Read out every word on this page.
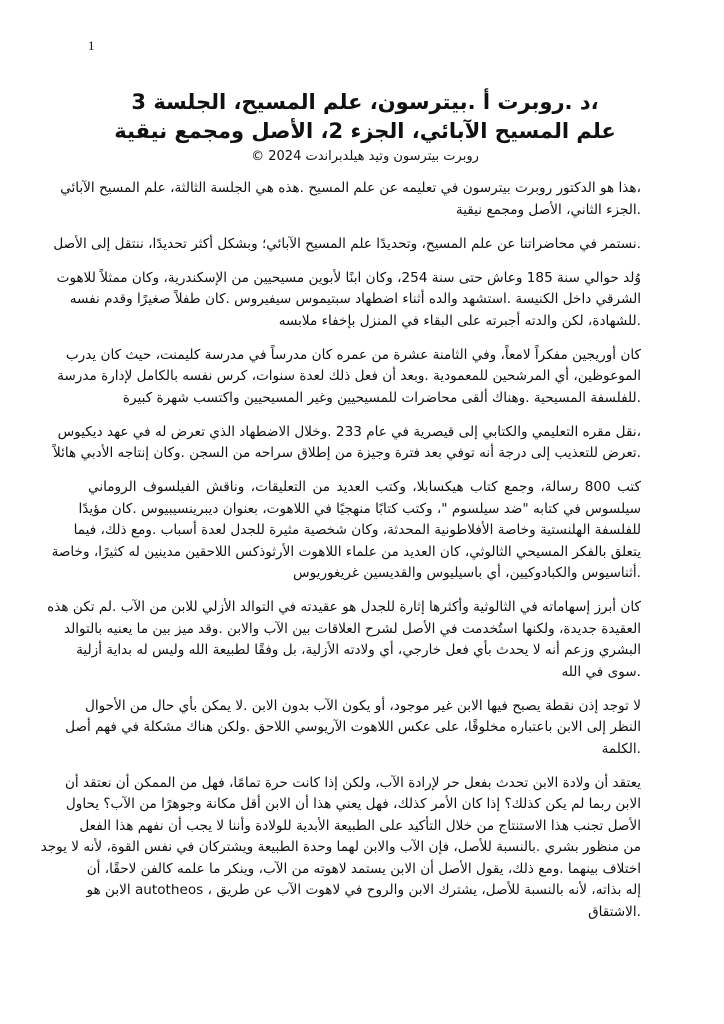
1
،د .روبرت أ .بيترسون، علم المسيح، الجلسة 3
علم المسيح الآبائي، الجزء 2، الأصل ومجمع نيقية
روبرت بيترسون وتيد هيلدبراندت 2024 ©
،هذا هو الدكتور روبرت بيترسون في تعليمه عن علم المسيح .هذه هي الجلسة الثالثة، علم المسيح الآبائي
.الجزء الثاني، الأصل ومجمع نيقية
.نستمر في محاضراتنا عن علم المسيح، وتحديدًا علم المسيح الآبائي؛ وبشكل أكثر تحديدًا، ننتقل إلى الأصل
وُلد حوالي سنة 185 وعاش حتى سنة 254، وكان ابنًا لأبوين مسيحيين من الإسكندرية، وكان ممثلاً للاهوت
الشرقي داخل الكنيسة .استشهد والده أثناء اضطهاد سبتيموس سيفيروس .كان طفلاً صغيرًا وقدم نفسه
.للشهادة، لكن والدته أجبرته على البقاء في المنزل بإخفاء ملابسه
كان أوريجين مفكراً لامعاً، وفي الثامنة عشرة من عمره كان مدرساً في مدرسة كليمنت، حيث كان يدرب
الموعوظين، أي المرشحين للمعمودية .وبعد أن فعل ذلك لعدة سنوات، كرس نفسه بالكامل لإدارة مدرسة
.للفلسفة المسيحية .وهناك ألقى محاضرات للمسيحيين وغير المسيحيين واكتسب شهرة كبيرة
،نقل مقره التعليمي والكتابي إلى قيصرية في عام 233 .وخلال الاضطهاد الذي تعرض له في عهد ديكيوس
.تعرض للتعذيب إلى درجة أنه توفي بعد فترة وجيزة من إطلاق سراحه من السجن .وكان إنتاجه الأدبي هائلاً
كتب 800 رسالة، وجمع كتاب هيكسابلا، وكتب العديد من التعليقات، وناقش الفيلسوف الروماني
سيلسوس في كتابه "ضد سيلسوم "، وكتب كتابًا منهجيًا في اللاهوت، بعنوان ديبرينسيبيوس .كان مؤيدًا
للفلسفة الهلنستية وخاصة الأفلاطونية المحدثة، وكان شخصية مثيرة للجدل لعدة أسباب .ومع ذلك، فيما
يتعلق بالفكر المسيحي الثالوثي، كان العديد من علماء اللاهوت الأرثوذكس اللاحقين مدينين له كثيرًا، وخاصة
.أثناسيوس والكبادوكيين، أي باسيليوس والقديسين غريغوريوس
كان أبرز إسهاماته في الثالوثية وأكثرها إثارة للجدل هو عقيدته في التوالد الأزلي للابن من الآب .لم تكن هذه
العقيدة جديدة، ولكنها استُخدمت في الأصل لشرح العلاقات بين الآب والابن .وقد ميز بين ما يعنيه بالتوالد
البشري وزعم أنه لا يحدث بأي فعل خارجي، أي ولادته الأزلية، بل وفقًا لطبيعة الله وليس له بداية أزلية
.سوى في الله
لا توجد إذن نقطة يصبح فيها الابن غير موجود، أو يكون الآب بدون الابن .لا يمكن بأي حال من الأحوال
النظر إلى الابن باعتباره مخلوقًا، على عكس اللاهوت الآريوسي اللاحق .ولكن هناك مشكلة في فهم أصل
.الكلمة
يعتقد أن ولادة الابن تحدث بفعل حر لإرادة الآب، ولكن إذا كانت حرة تمامًا، فهل من الممكن أن نعتقد أن
الابن ربما لم يكن كذلك؟ إذا كان الأمر كذلك، فهل يعني هذا أن الابن أقل مكانة وجوهرًا من الآب؟ يحاول
الأصل تجنب هذا الاستنتاج من خلال التأكيد على الطبيعة الأبدية للولادة وأننا لا يجب أن نفهم هذا الفعل
من منظور بشري .بالنسبة للأصل، فإن الآب والابن لهما وحدة الطبيعة ويشتركان في نفس القوة، لأنه لا يوجد
اختلاف بينهما .ومع ذلك، يقول الأصل أن الابن يستمد لاهوته من الآب، وينكر ما علمه كالفن لاحقًا، أن
إله بذاته، لأنه بالنسبة للأصل، يشترك الابن والروح في لاهوت الآب عن طريق ، autotheos الابن هو
.الاشتقاق
